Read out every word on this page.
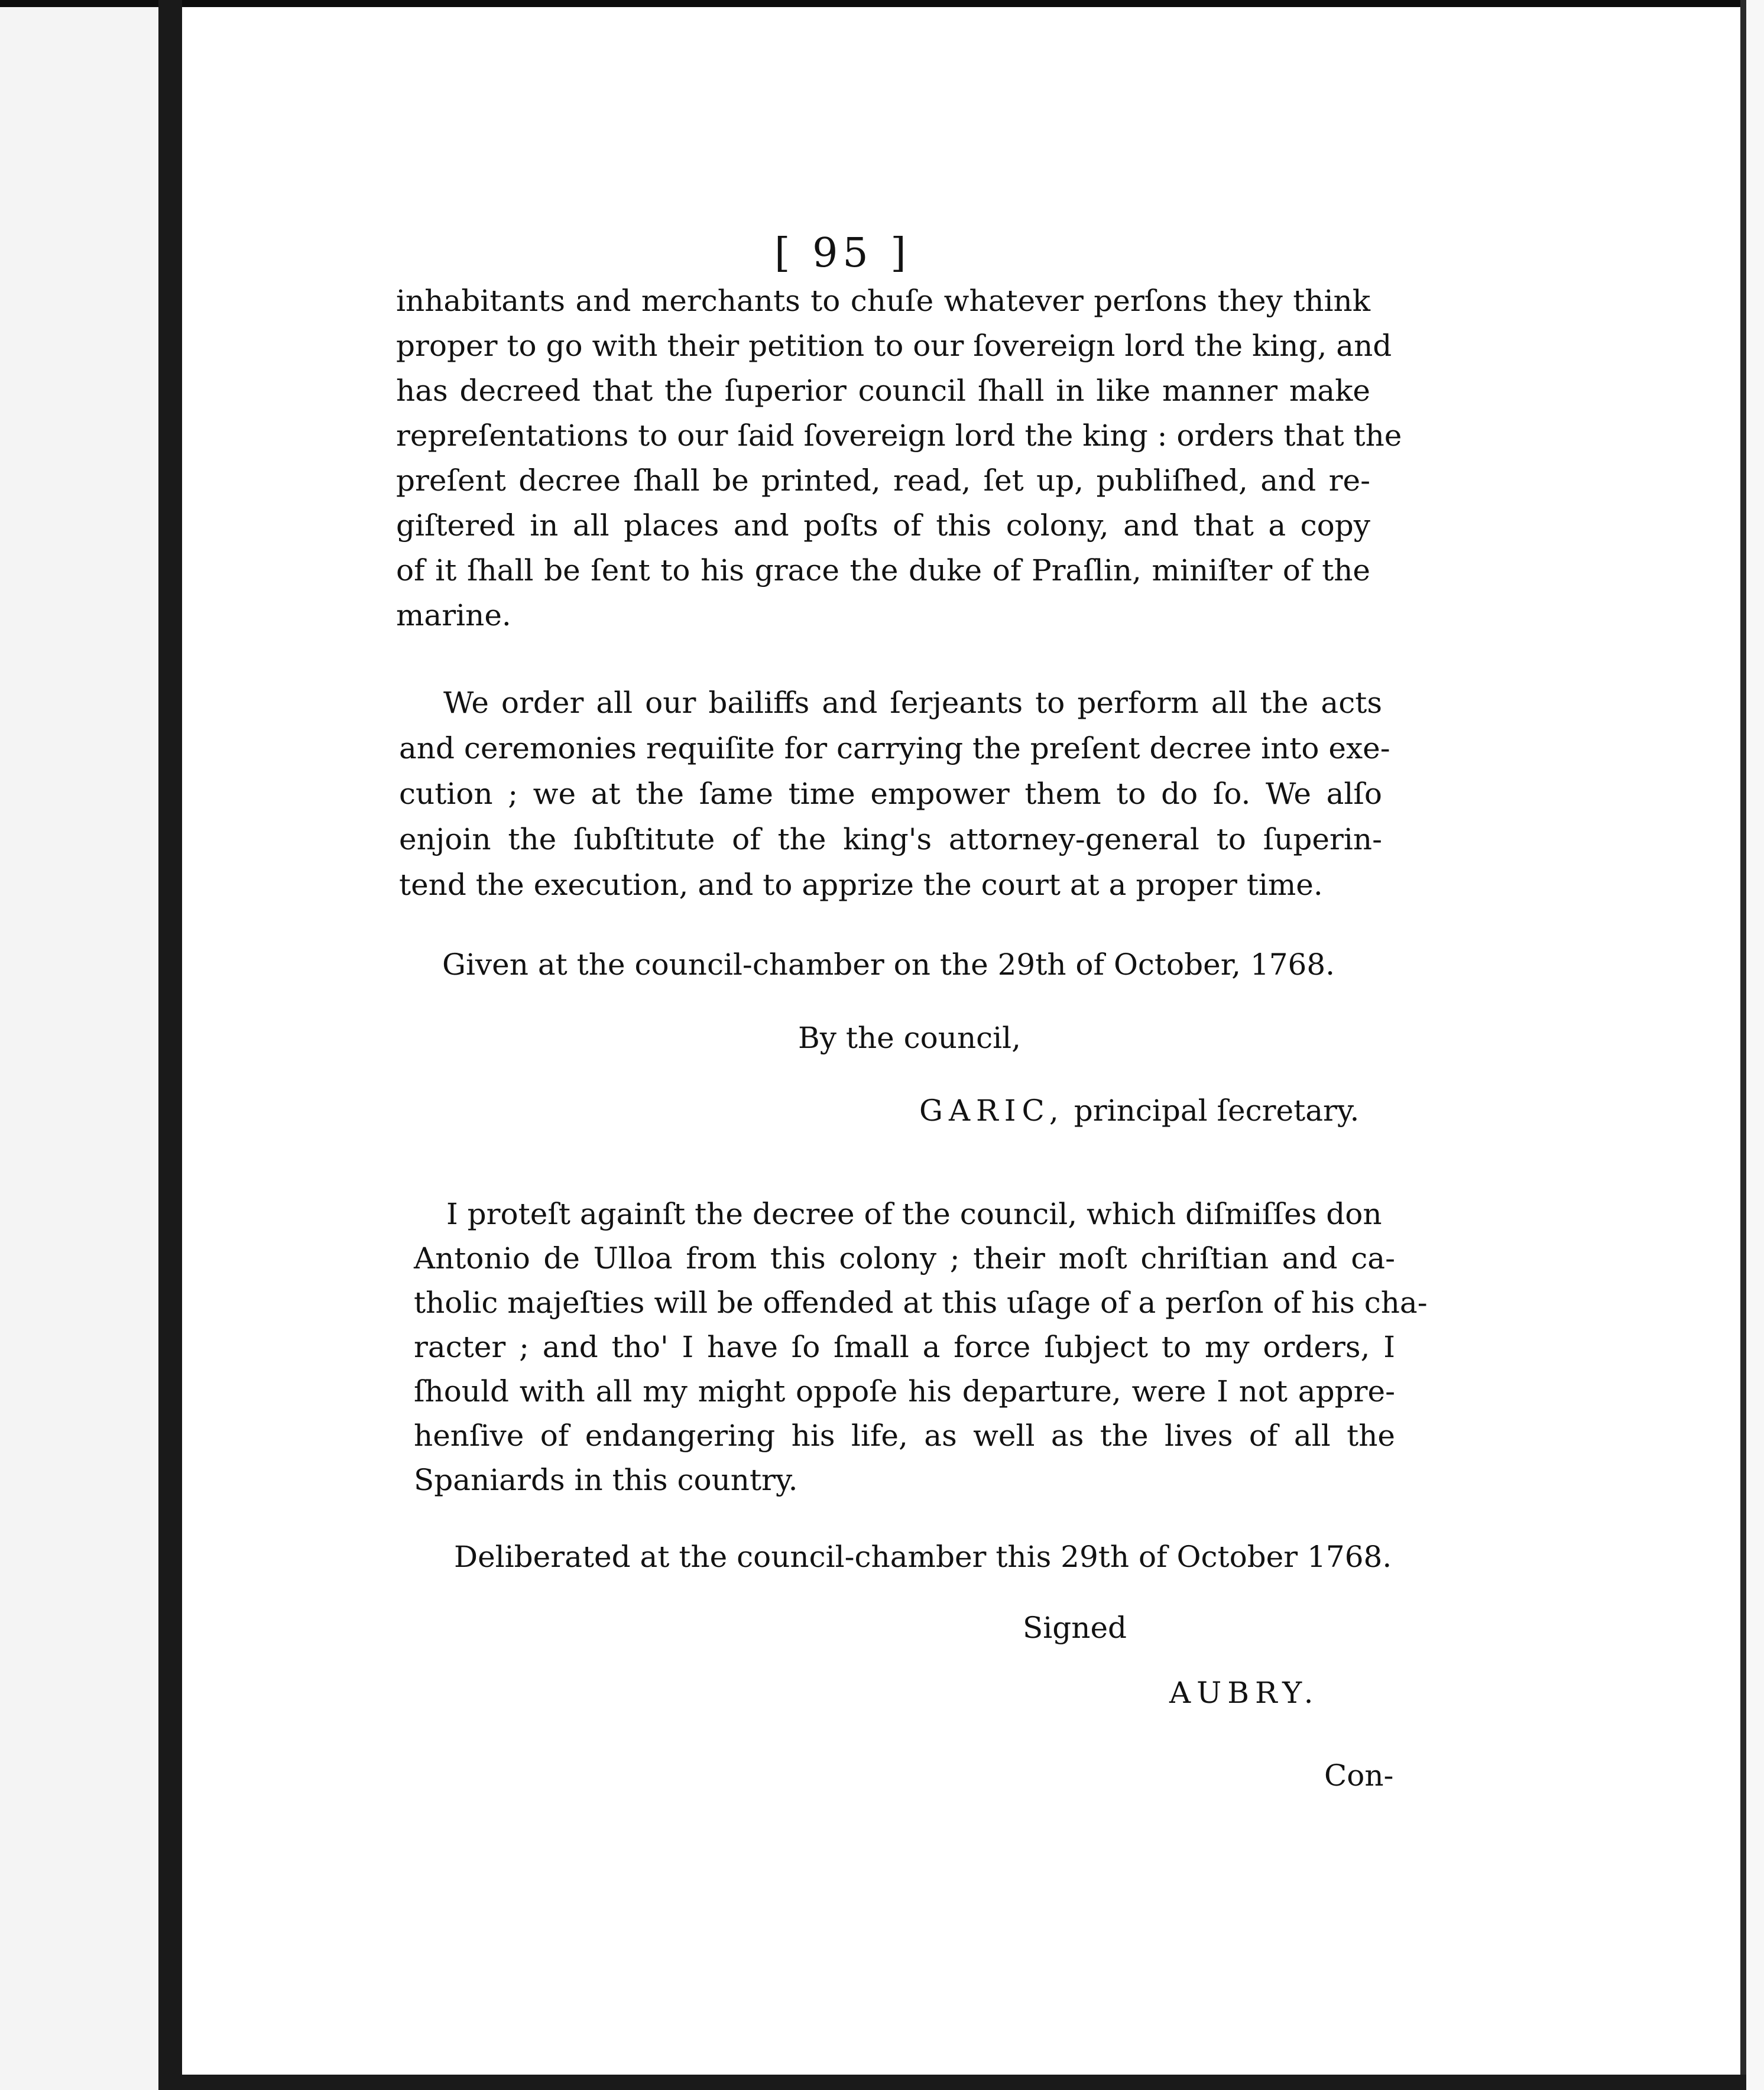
[ 95 ]
inhabitants and merchants to chuſe whatever perſons they think
proper to go with their petition to our ſovereign lord the king, and
has decreed that the ſuperior council ſhall in like manner make
repreſentations to our ſaid ſovereign lord the king : orders that the
preſent decree ſhall be printed, read, ſet up, publiſhed, and re-
giſtered in all places and poſts of this colony, and that a copy
of it ſhall be ſent to his grace the duke of Praſlin, miniſter of the
marine.
We order all our bailiffs and ſerjeants to perform all the acts
and ceremonies requiſite for carrying the preſent decree into exe-
cution ; we at the ſame time empower them to do ſo. We alſo
enjoin the ſubſtitute of the king's attorney-general to ſuperin-
tend the execution, and to apprize the court at a proper time.
Given at the council-chamber on the 29th of October, 1768.
By the council,
GARIC, principal ſecretary.
I proteſt againſt the decree of the council, which diſmiſſes don
Antonio de Ulloa from this colony ; their moſt chriſtian and ca-
tholic majeſties will be offended at this uſage of a perſon of his cha-
racter ; and tho' I have ſo ſmall a force ſubject to my orders, I
ſhould with all my might oppoſe his departure, were I not appre-
henſive of endangering his life, as well as the lives of all the
Spaniards in this country.
Deliberated at the council-chamber this 29th of October 1768.
Signed
AUBRY.
Con-
